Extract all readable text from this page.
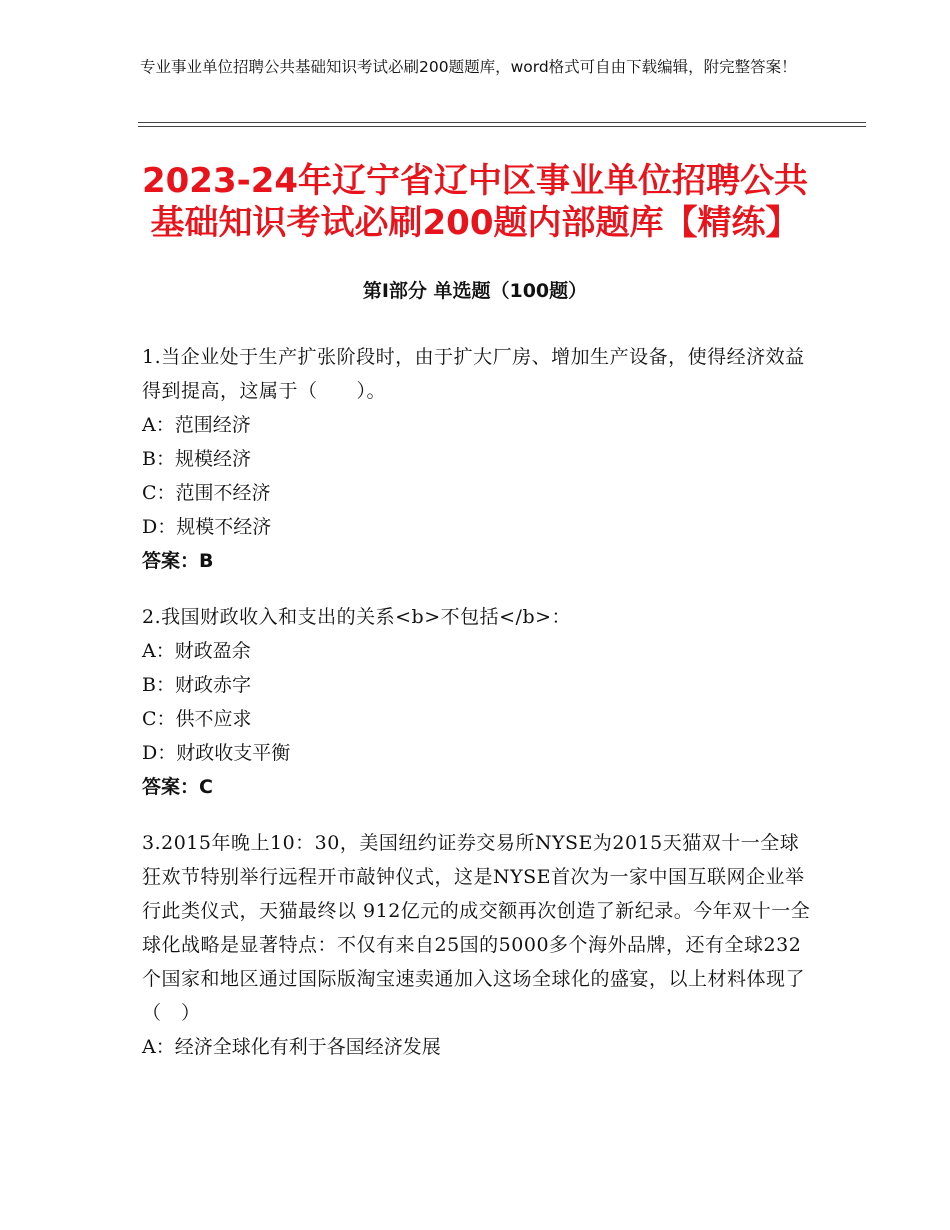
专业事业单位招聘公共基础知识考试必刷200题题库，word格式可自由下载编辑，附完整答案！
2023-24年辽宁省辽中区事业单位招聘公共
基础知识考试必刷200题内部题库【精练】
第Ⅰ部分 单选题（100题）
1.当企业处于生产扩张阶段时，由于扩大厂房、增加生产设备，使得经济效益得到提高，这属于（　　）。
A：范围经济
B：规模经济
C：范围不经济
D：规模不经济
答案：B
2.我国财政收入和支出的关系<b>不包括</b>：
A：财政盈余
B：财政赤字
C：供不应求
D：财政收支平衡
答案：C
3.2015年晚上10：30，美国纽约证券交易所NYSE为2015天猫双十一全球狂欢节特别举行远程开市敲钟仪式，这是NYSE首次为一家中国互联网企业举行此类仪式，天猫最终以 912亿元的成交额再次创造了新纪录。今年双十一全球化战略是显著特点：不仅有来自25国的5000多个海外品牌，还有全球232个国家和地区通过国际版淘宝速卖通加入这场全球化的盛宴，以上材料体现了（　）
A：经济全球化有利于各国经济发展
